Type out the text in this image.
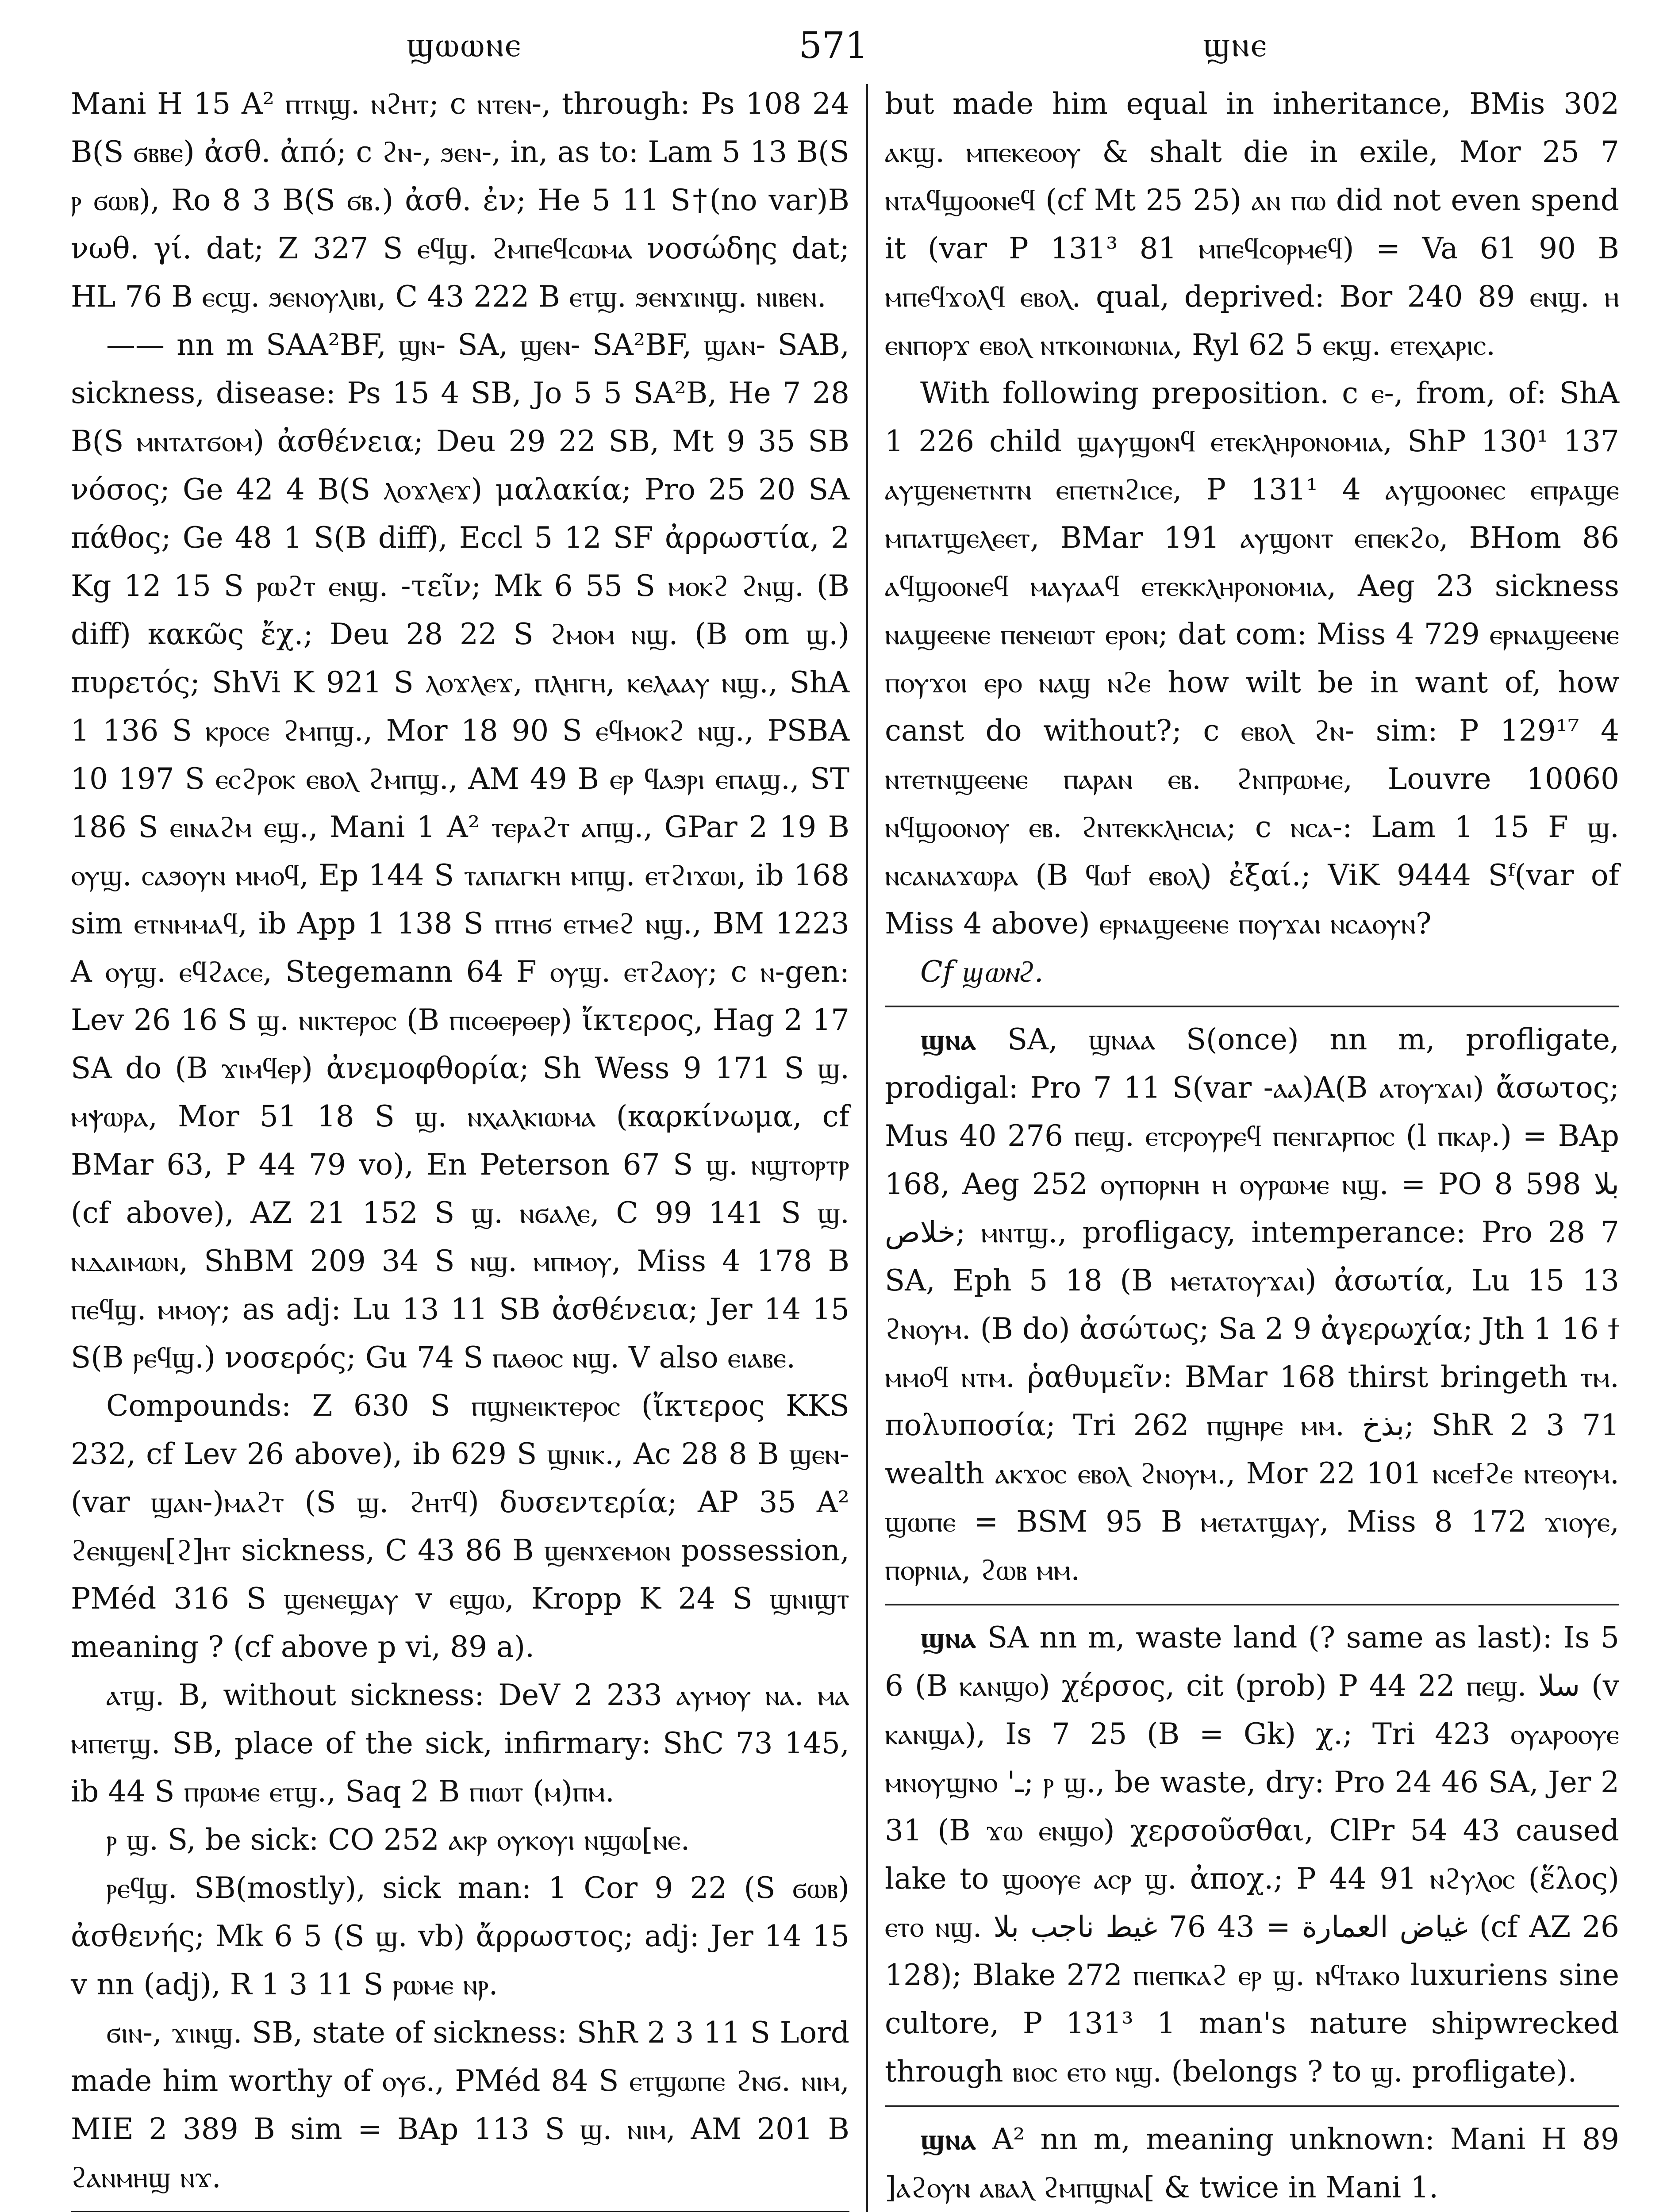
ϣⲱⲱⲛⲉ	571	ϣⲛⲉ

Mani H 15 A² ⲡⲧⲛϣ. ⲛϩⲏⲧ; c ⲛⲧⲉⲛ-, through: Ps 108 24 B(S ϭⲃⲃⲉ) ἀσθ. ἀπό; c ϩⲛ-, ϧⲉⲛ-, in, as to: Lam 5 13 B(S ⲣ ϭⲱⲃ), Ro 8 3 B(S ϭⲃ.) ἀσθ. ἐν; He 5 11 S†(no var)B νωθ. γί. dat; Z 327 S ⲉϥϣ. ϩⲙⲡⲉϥⲥⲱⲙⲁ νοσώδης dat; HL 76 B ⲉⲥϣ. ϧⲉⲛⲟⲩⲗⲓⲃⲓ, C 43 222 B ⲉⲧϣ. ϧⲉⲛϫⲓⲛϣ. ⲛⲓⲃⲉⲛ.

—— nn m SAA²BF, ϣⲛ- SA, ϣⲉⲛ- SA²BF, ϣⲁⲛ- SAB, sickness, disease: Ps 15 4 SB, Jo 5 5 SA²B, He 7 28 B(S ⲙⲛⲧⲁⲧϭⲟⲙ) ἀσθένεια; Deu 29 22 SB, Mt 9 35 SB νόσος; Ge 42 4 B(S ⲗⲟϫⲗⲉϫ) μαλακία; Pro 25 20 SA πάθος; Ge 48 1 S(B diff), Eccl 5 12 SF ἀρρωστία, 2 Kg 12 15 S ⲣⲱϩⲧ ⲉⲛϣ. -τεῖν; Mk 6 55 S ⲙⲟⲕϩ ϩⲛϣ. (B diff) κακῶς ἔχ.; Deu 28 22 S ϩⲙⲟⲙ ⲛϣ. (B om ϣ.) πυρετός; ShVi K 921 S ⲗⲟϫⲗⲉϫ, ⲡⲗⲏⲅⲏ, ⲕⲉⲗⲁⲁⲩ ⲛϣ., ShA 1 136 S ⲕⲣⲟⲥⲉ ϩⲙⲡϣ., Mor 18 90 S ⲉϥⲙⲟⲕϩ ⲛϣ., PSBA 10 197 S ⲉⲥϩⲣⲟⲕ ⲉⲃⲟⲗ ϩⲙⲡϣ., AM 49 B ⲉⲣ ϥⲁϧⲣⲓ ⲉⲡⲁϣ., ST 186 S ⲉⲓⲛⲁϩⲙ ⲉϣ., Mani 1 A² ⲧⲉⲣⲁϩⲧ ⲁⲡϣ., GPar 2 19 B ⲟⲩϣ. ⲥⲁϧⲟⲩⲛ ⲙⲙⲟϥ, Ep 144 S ⲧⲁⲡⲁⲅⲕⲏ ⲙⲡϣ. ⲉⲧϩⲓϫⲱⲓ, ib 168 sim ⲉⲧⲛⲙⲙⲁϥ, ib App 1 138 S ⲡⲧⲏϭ ⲉⲧⲙⲉϩ ⲛϣ., BM 1223 A ⲟⲩϣ. ⲉϥϩⲁⲥⲉ, Stegemann 64 F ⲟⲩϣ. ⲉⲧϩⲁⲟⲩ; c ⲛ-gen: Lev 26 16 S ϣ. ⲛⲓⲕⲧⲉⲣⲟⲥ (B ⲡⲓⲥⲑⲉⲣⲑⲉⲣ) ἴκτερος, Hag 2 17 SA do (B ϫⲓⲙϥⲉⲣ) ἀνεμοφθορία; Sh Wess 9 171 S ϣ. ⲙⲯⲱⲣⲁ, Mor 51 18 S ϣ. ⲛⲭⲁⲗⲕⲓⲱⲙⲁ (καρκίνωμα, cf BMar 63, P 44 79 vo), En Peterson 67 S ϣ. ⲛϣⲧⲟⲣⲧⲣ (cf above), AZ 21 152 S ϣ. ⲛϭⲁⲗⲉ, C 99 141 S ϣ. ⲛⲇⲁⲓⲙⲱⲛ, ShBM 209 34 S ⲛϣ. ⲙⲡⲙⲟⲩ, Miss 4 178 B ⲡⲉϥϣ. ⲙⲙⲟⲩ; as adj: Lu 13 11 SB ἀσθένεια; Jer 14 15 S(B ⲣⲉϥϣ.) νοσερός; Gu 74 S ⲡⲁⲑⲟⲥ ⲛϣ. V also ⲉⲓⲁⲃⲉ.

Compounds: Z 630 S ⲡϣⲛⲉⲓⲕⲧⲉⲣⲟⲥ (ἴκτερος KKS 232, cf Lev 26 above), ib 629 S ϣⲛⲓⲕ., Ac 28 8 B ϣⲉⲛ- (var ϣⲁⲛ-)ⲙⲁϩⲧ (S ϣ. ϩⲏⲧϥ) δυσεντερία; AP 35 A² ϩⲉⲛϣⲉⲛ[ϩ]ⲏⲧ sickness, C 43 86 B ϣⲉⲛϫⲉⲙⲟⲛ possession, PMéd 316 S ϣⲉⲛⲉϣⲁⲩ v ⲉϣⲱ, Kropp K 24 S ϣⲛⲓϣⲧ meaning ? (cf above p vi, 89 a).

ⲁⲧϣ. B, without sickness: DeV 2 233 ⲁⲩⲙⲟⲩ ⲛⲁ. ⲙⲁ ⲙⲡⲉⲧϣ. SB, place of the sick, infirmary: ShC 73 145, ib 44 S ⲡⲣⲱⲙⲉ ⲉⲧϣ., Saq 2 B ⲡⲓⲱⲧ (ⲙ)ⲡⲙ.

ⲣ ϣ. S, be sick: CO 252 ⲁⲕⲣ ⲟⲩⲕⲟⲩⲓ ⲛϣⲱ[ⲛⲉ.

ⲣⲉϥϣ. SB(mostly), sick man: 1 Cor 9 22 (S ϭⲱⲃ) ἀσθενής; Mk 6 5 (S ϣ. vb) ἄρρωστος; adj: Jer 14 15 v nn (adj), R 1 3 11 S ⲣⲱⲙⲉ ⲛⲣ.

ϭⲓⲛ-, ϫⲓⲛϣ. SB, state of sickness: ShR 2 3 11 S Lord made him worthy of ⲟⲩϭ., PMéd 84 S ⲉⲧϣⲱⲡⲉ ϩⲛϭ. ⲛⲓⲙ, MIE 2 389 B sim = BAp 113 S ϣ. ⲛⲓⲙ, AM 201 B ϩⲁⲛⲙⲏϣ ⲛϫ.

but made him equal in inheritance, BMis 302 ⲁⲕϣ. ⲙⲡⲉⲕⲉⲟⲟⲩ & shalt die in exile, Mor 25 7 ⲛⲧⲁϥϣⲟⲟⲛⲉϥ (cf Mt 25 25) ⲁⲛ ⲡⲱ did not even spend it (var P 131³ 81 ⲙⲡⲉϥⲥⲟⲣⲙⲉϥ) = Va 61 90 B ⲙⲡⲉϥϫⲟⲗϥ ⲉⲃⲟⲗ. qual, deprived: Bor 240 89 ⲉⲛϣ. ⲏ ⲉⲛⲡⲟⲣϫ ⲉⲃⲟⲗ ⲛⲧⲕⲟⲓⲛⲱⲛⲓⲁ, Ryl 62 5 ⲉⲕϣ. ⲉⲧⲉⲭⲁⲣⲓⲥ.

With following preposition. c ⲉ-, from, of: ShA 1 226 child ϣⲁⲩϣⲟⲛϥ ⲉⲧⲉⲕⲗⲏⲣⲟⲛⲟⲙⲓⲁ, ShP 130¹ 137 ⲁⲩϣⲉⲛⲉⲧⲛⲧⲛ ⲉⲡⲉⲧⲛϩⲓⲥⲉ, P 131¹ 4 ⲁⲩϣⲟⲟⲛⲉⲥ ⲉⲡⲣⲁϣⲉ ⲙⲡⲁⲧϣⲉⲗⲉⲉⲧ, BMar 191 ⲁⲩϣⲟⲛⲧ ⲉⲡⲉⲕϩⲟ, BHom 86 ⲁϥϣⲟⲟⲛⲉϥ ⲙⲁⲩⲁⲁϥ ⲉⲧⲉⲕⲕⲗⲏⲣⲟⲛⲟⲙⲓⲁ, Aeg 23 sickness ⲛⲁϣⲉⲉⲛⲉ ⲡⲉⲛⲉⲓⲱⲧ ⲉⲣⲟⲛ; dat com: Miss 4 729 ⲉⲣⲛⲁϣⲉⲉⲛⲉ ⲡⲟⲩϫⲟⲓ ⲉⲣⲟ ⲛⲁϣ ⲛϩⲉ how wilt be in want of, how canst do without?; c ⲉⲃⲟⲗ ϩⲛ- sim: P 129¹⁷ 4 ⲛⲧⲉⲧⲛϣⲉⲉⲛⲉ ⲡⲁⲣⲁⲛ ⲉⲃ. ϩⲛⲡⲣⲱⲙⲉ, Louvre 10060 ⲛϥϣⲟⲟⲛⲟⲩ ⲉⲃ. ϩⲛⲧⲉⲕⲕⲗⲏⲥⲓⲁ; c ⲛⲥⲁ-: Lam 1 15 F ϣ. ⲛⲥⲁⲛⲁϫⲱⲣⲁ (B ϥⲱϯ ⲉⲃⲟⲗ) ἐξαί.; ViK 9444 Sᶠ(var of Miss 4 above) ⲉⲣⲛⲁϣⲉⲉⲛⲉ ⲡⲟⲩϫⲁⲓ ⲛⲥⲁⲟⲩⲛ?

Cf ϣⲱⲛϩ.

ϣⲛⲁ SA, ϣⲛⲁⲁ S(once) nn m, profligate, prodigal: Pro 7 11 S(var -ⲁⲁ)A(B ⲁⲧⲟⲩϫⲁⲓ) ἄσωτος; Mus 40 276 ⲡⲉϣ. ⲉⲧⲥⲣⲟⲩⲣⲉϥ ⲡⲉⲛⲅⲁⲣⲡⲟⲥ (l ⲡⲕⲁⲣ.) = BAp 168, Aeg 252 ⲟⲩⲡⲟⲣⲛⲏ ⲏ ⲟⲩⲣⲱⲙⲉ ⲛϣ. = PO 8 598 بلا خلاص; ⲙⲛⲧϣ., profligacy, intemperance: Pro 28 7 SA, Eph 5 18 (B ⲙⲉⲧⲁⲧⲟⲩϫⲁⲓ) ἀσωτία, Lu 15 13 ϩⲛⲟⲩⲙ. (B do) ἀσώτως; Sa 2 9 ἀγερωχία; Jth 1 16 ϯ ⲙⲙⲟϥ ⲛⲧⲙ. ῥαθυμεῖν: BMar 168 thirst bringeth ⲧⲙ. πολυποσία; Tri 262 ⲡϣⲏⲣⲉ ⲙⲙ. بذخ; ShR 2 3 71 wealth ⲁⲕϫⲟⲥ ⲉⲃⲟⲗ ϩⲛⲟⲩⲙ., Mor 22 101 ⲛⲥⲉϯϩⲉ ⲛⲧⲉⲟⲩⲙ. ϣⲱⲡⲉ = BSM 95 B ⲙⲉⲧⲁⲧϣⲁⲩ, Miss 8 172 ϫⲓⲟⲩⲉ, ⲡⲟⲣⲛⲓⲁ, ϩⲱⲃ ⲙⲙ.

ϣⲛⲁ SA nn m, waste land (? same as last): Is 5 6 (B ⲕⲁⲛϣⲟ) χέρσος, cit (prob) P 44 22 ⲡⲉϣ. سلا (v ⲕⲁⲛϣⲁ), Is 7 25 (B = Gk) χ.; Tri 423 ⲟⲩⲁⲣⲟⲟⲩⲉ ⲙⲛⲟⲩϣⲛⲟ 'ـ; ⲣ ϣ., be waste, dry: Pro 24 46 SA, Jer 2 31 (B ϫⲱ ⲉⲛϣⲟ) χερσοῦσθαι, ClPr 54 43 caused lake to ϣⲟⲟⲩⲉ ⲁⲥⲣ ϣ. ἀποχ.; P 44 91 ⲛϩⲩⲗⲟⲥ (ἕλος) ⲉⲧⲟ ⲛϣ. غياض العمارة = 43 76 غيط ناجب بلا (cf AZ 26 128); Blake 272 ⲡⲓⲉⲡⲕⲁϩ ⲉⲣ ϣ. ⲛϥⲧⲁⲕⲟ luxuriens sine cultore, P 131³ 1 man's nature shipwrecked through ⲃⲓⲟⲥ ⲉⲧⲟ ⲛϣ. (belongs ? to ϣ. profligate).

ϣⲛⲁ A² nn m, meaning unknown: Mani H 89 ]ⲁϩⲟⲩⲛ ⲁⲃⲁⲗ ϩⲙⲡϣⲛⲁ[ & twice in Mani 1.
